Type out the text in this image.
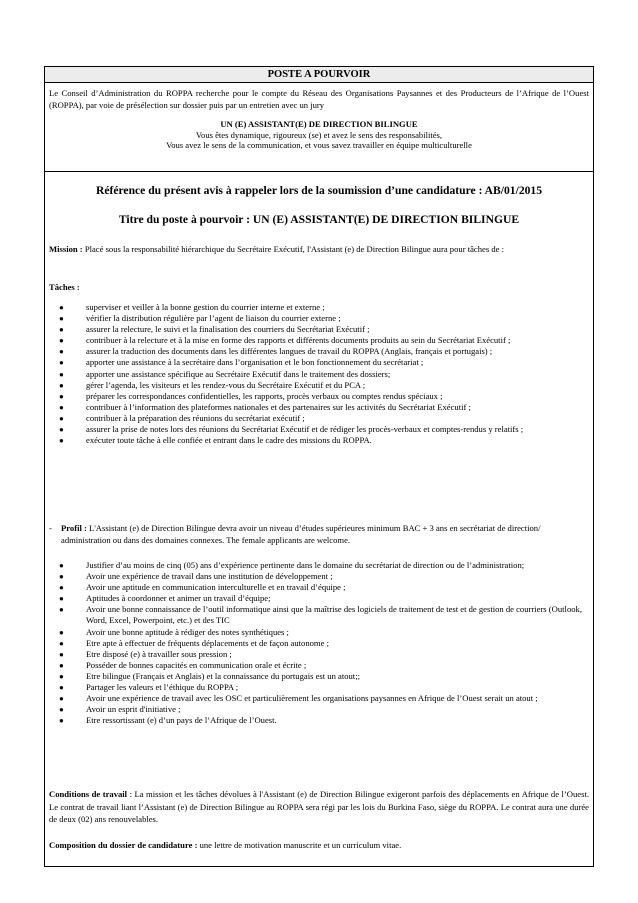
POSTE A POURVOIR
Le Conseil d’Administration du ROPPA recherche pour le compte du Réseau des Organisations Paysannes et des Producteurs de l’Afrique de l’Ouest (ROPPA), par voie de présélection sur dossier puis par un entretien avec un jury
UN (E) ASSISTANT(E) DE DIRECTION BILINGUE
Vous êtes dynamique, rigoureux (se) et avez le sens des responsabilités,
Vous avez le sens de la communication, et vous savez travailler en équipe multiculturelle
Référence du présent avis à rappeler lors de la soumission d’une candidature : AB/01/2015
Titre du poste à pourvoir : UN (E) ASSISTANT(E) DE DIRECTION BILINGUE
Mission : Placé sous la responsabilité hiérarchique du Secrétaire Exécutif, l'Assistant (e) de Direction Bilingue aura pour tâches de :
Tâches :
●	superviser et veiller à la bonne gestion du courrier interne et externe ;
●	vérifier la distribution régulière par l’agent de liaison du courrier externe ;
●	assurer la relecture, le suivi et la finalisation des courriers du Secrétariat Exécutif ;
●	contribuer à la relecture et à la mise en forme des rapports et différents documents produits au sein du Secrétariat Exécutif ;
●	assurer la traduction des documents dans les différentes langues de travail du ROPPA (Anglais, français et portugais) ;
●	apporter une assistance à la secrétaire dans l’organisation et le bon fonctionnement du secrétariat ;
●	apporter une assistance spécifique au Secrétaire Exécutif dans le traitement des dossiers;
●	gérer l’agenda, les visiteurs et les rendez-vous du Secrétaire Exécutif et du PCA ;
●	préparer les correspondances confidentielles, les rapports, procès verbaux ou comptes rendus spéciaux ;
●	contribuer à l’information des plateformes nationales et des partenaires sur les activités du Secrétariat Exécutif ;
●	contribuer à la préparation des réunions du secrétariat exécutif ;
●	assurer la prise de notes lors des réunions du Secrétariat Exécutif et de rédiger les procès-verbaux et comptes-rendus y relatifs ;
●	exécuter toute tâche à elle confiée et entrant dans le cadre des missions du ROPPA.
-	Profil : L'Assistant (e) de Direction Bilingue devra avoir un niveau d’études supérieures minimum BAC + 3 ans en secrétariat de direction/ administration ou dans des domaines connexes. The female applicants are welcome.
●	Justifier d’au moins de cinq (05) ans d’expérience pertinente dans le domaine du secrétariat de direction ou de l’administration;
●	Avoir une expérience de travail dans une institution de développement ;
●	Avoir une aptitude en communication interculturelle et en travail d’équipe ;
●	Aptitudes à coordonner et animer un travail d’équipe;
●	Avoir une bonne connaissance de l’outil informatique ainsi que la maîtrise des logiciels de traitement de test et de gestion de courriers (Outlook, Word, Excel, Powerpoint, etc.) et des TIC
●	Avoir une bonne aptitude à rédiger des notes synthétiques ;
●	Etre apte à effectuer de fréquents déplacements et de façon autonome ;
●	Etre disposé (e) à travailler sous pression ;
●	Posséder de bonnes capacités en communication orale et écrite ;
●	Etre bilingue (Français et Anglais) et la connaissance du portugais est un atout;;
●	Partager les valeurs et l’éthique du ROPPA ;
●	Avoir une expérience de travail avec les OSC et particulièrement les organisations paysannes en Afrique de l’Ouest serait un atout ;
●	Avoir un esprit d'initiative ;
●	Etre ressortissant (e) d’un pays de l’Afrique de l’Ouest.
Conditions de travail : La mission et les tâches dévolues à l'Assistant (e) de Direction Bilingue exigeront parfois des déplacements en Afrique de l’Ouest. Le contrat de travail liant l’Assistant (e) de Direction Bilingue au ROPPA sera régi par les lois du Burkina Faso, siège du ROPPA. Le contrat aura une durée de deux (02) ans renouvelables.
Composition du dossier de candidature : une lettre de motivation manuscrite et un curriculum vitae.
